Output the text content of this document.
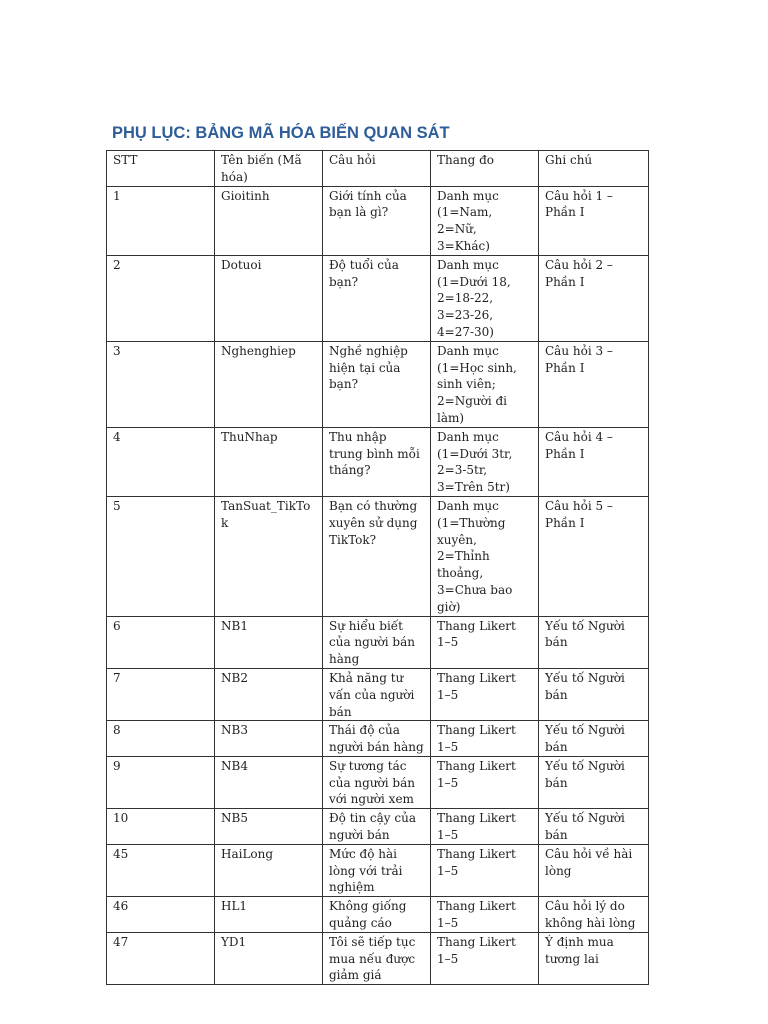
PHỤ LỤC: BẢNG MÃ HÓA BIẾN QUAN SÁT
STT	Tên biến (Mã hóa)	Câu hỏi	Thang đo	Ghi chú
1	Gioitinh	Giới tính của bạn là gì?	Danh mục (1=Nam, 2=Nữ, 3=Khác)	Câu hỏi 1 – Phần I
2	Dotuoi	Độ tuổi của bạn?	Danh mục (1=Dưới 18, 2=18-22, 3=23-26, 4=27-30)	Câu hỏi 2 – Phần I
3	Nghenghiep	Nghề nghiệp hiện tại của bạn?	Danh mục (1=Học sinh, sinh viên; 2=Người đi làm)	Câu hỏi 3 – Phần I
4	ThuNhap	Thu nhập trung bình mỗi tháng?	Danh mục (1=Dưới 3tr, 2=3-5tr, 3=Trên 5tr)	Câu hỏi 4 – Phần I
5	TanSuat_TikTok	Bạn có thường xuyên sử dụng TikTok?	Danh mục (1=Thường xuyên, 2=Thỉnh thoảng, 3=Chưa bao giờ)	Câu hỏi 5 – Phần I
6	NB1	Sự hiểu biết của người bán hàng	Thang Likert 1–5	Yếu tố Người bán
7	NB2	Khả năng tư vấn của người bán	Thang Likert 1–5	Yếu tố Người bán
8	NB3	Thái độ của người bán hàng	Thang Likert 1–5	Yếu tố Người bán
9	NB4	Sự tương tác của người bán với người xem	Thang Likert 1–5	Yếu tố Người bán
10	NB5	Độ tin cậy của người bán	Thang Likert 1–5	Yếu tố Người bán
45	HaiLong	Mức độ hài lòng với trải nghiệm	Thang Likert 1–5	Câu hỏi về hài lòng
46	HL1	Không giống quảng cáo	Thang Likert 1–5	Câu hỏi lý do không hài lòng
47	YD1	Tôi sẽ tiếp tục mua nếu được giảm giá	Thang Likert 1–5	Ý định mua tương lai
